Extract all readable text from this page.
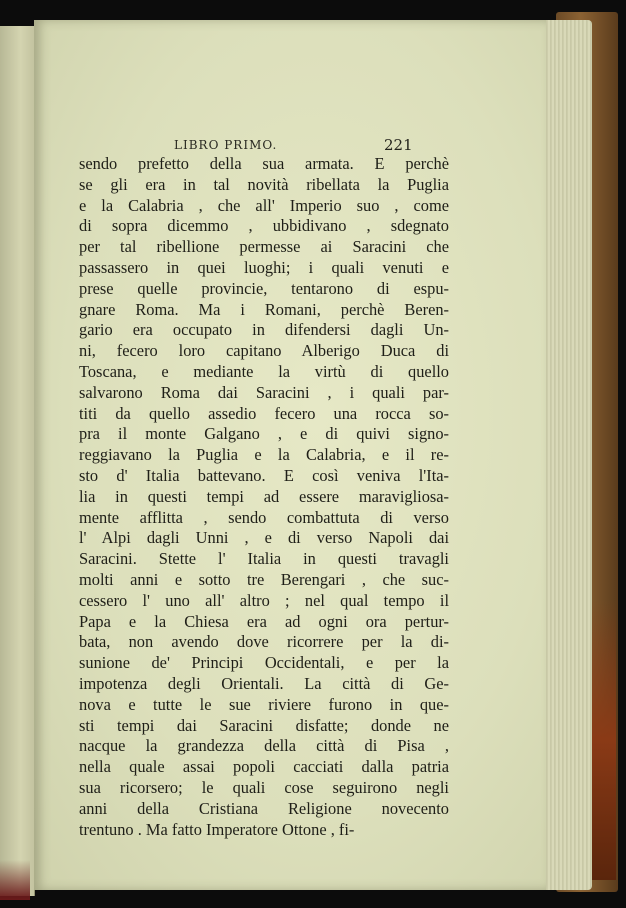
LIBRO PRIMO.	221
sendo prefetto della sua armata. E perchè
se gli era in tal novità ribellata la Puglia
e la Calabria , che all' Imperio suo , come
di sopra dicemmo , ubbidivano , sdegnato
per tal ribellione permesse ai Saracini che
passassero in quei luoghi; i quali venuti e
prese quelle provincie, tentarono di espu-
gnare Roma. Ma i Romani, perchè Beren-
gario era occupato in difendersi dagli Un-
ni, fecero loro capitano Alberigo Duca di
Toscana, e mediante la virtù di quello
salvarono Roma dai Saracini , i quali par-
titi da quello assedio fecero una rocca so-
pra il monte Galgano , e di quivi signo-
reggiavano la Puglia e la Calabria, e il re-
sto d' Italia battevano. E così veniva l'Ita-
lia in questi tempi ad essere maravigliosa-
mente afflitta , sendo combattuta di verso
l' Alpi dagli Unni , e di verso Napoli dai
Saracini. Stette l' Italia in questi travagli
molti anni e sotto tre Berengari , che suc-
cessero l' uno all' altro ; nel qual tempo il
Papa e la Chiesa era ad ogni ora pertur-
bata, non avendo dove ricorrere per la di-
sunione de' Principi Occidentali, e per la
impotenza degli Orientali. La città di Ge-
nova e tutte le sue riviere furono in que-
sti tempi dai Saracini disfatte; donde ne
nacque la grandezza della città di Pisa ,
nella quale assai popoli cacciati dalla patria
sua ricorsero; le quali cose seguirono negli
anni della Cristiana Religione novecento
trentuno . Ma fatto Imperatore Ottone , fi-
